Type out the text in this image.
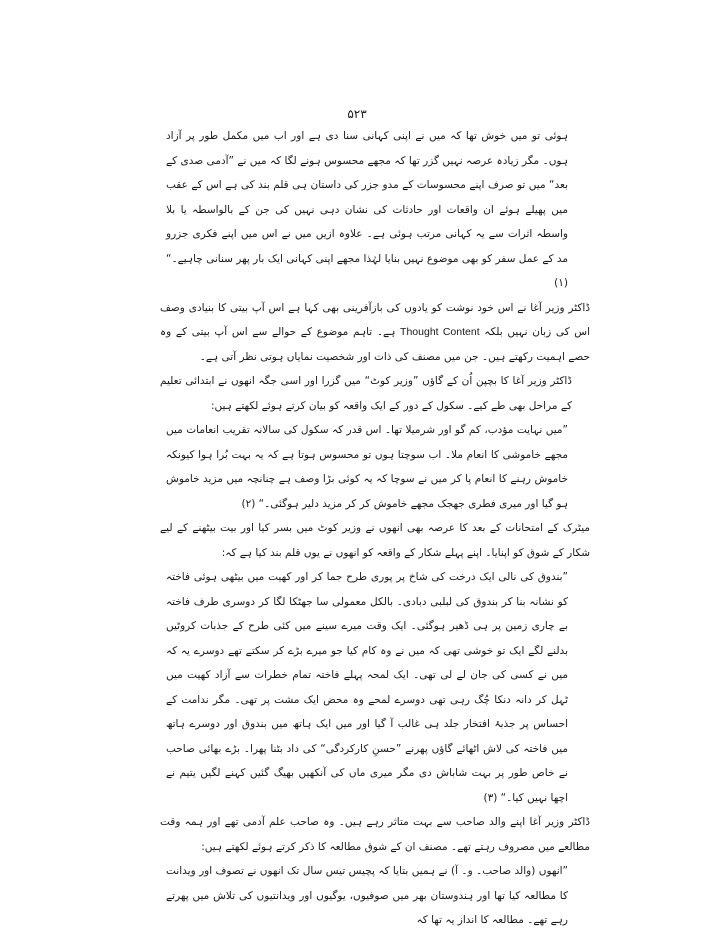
۵۲۳

ہوئی تو میں خوش تھا کہ میں نے اپنی کہانی سنا دی ہے اور اب میں مکمل طور پر آزاد ہوں۔ مگر زیادہ عرصہ نہیں گزر تھا کہ مجھے محسوس ہونے لگا کہ میں نے ”آدمی صدی کے بعد“ میں تو صرف اپنے محسوسات کے مدو جزر کی داستان ہی قلم بند کی ہے اس کے عقب میں پھیلے ہوئے ان واقعات اور حادثات کی نشان دہی نہیں کی جن کے بالواسطہ یا بلا واسطہ اثرات سے یہ کہانی مرتب ہوئی ہے۔ علاوہ ازیں میں نے اس میں اپنے فکری جزرو مد کے عمل سفر کو بھی موضوع نہیں بنایا لہٰذا مجھے اپنی کہانی ایک بار پھر سنانی چاہیے۔“ (۱)

ڈاکٹر وزیر آغا نے اس خود نوشت کو یادوں کی بازآفرینی بھی کہا ہے اس آپ بیتی کا بنیادی وصف اس کی زبان نہیں بلکہ Thought Content ہے۔ تاہم موضوع کے حوالے سے اس آپ بیتی کے وہ حصے اہمیت رکھتے ہیں۔ جن میں مصنف کی ذات اور شخصیت نمایاں ہوتی نظر آتی ہے۔

ڈاکٹر وزیر آغا کا بچپن اُن کے گاؤں ”وزیر کوٹ“ میں گزرا اور اسی جگہ انھوں نے ابتدائی تعلیم کے مراحل بھی طے کیے۔ سکول کے دور کے ایک واقعہ کو بیان کرتے ہوئے لکھتے ہیں:

”میں نہایت مؤدب، کم گو اور شرمیلا تھا۔ اس قدر کہ سکول کی سالانہ تقریب انعامات میں مجھے خاموشی کا انعام ملا۔ اب سوچتا ہوں تو محسوس ہوتا ہے کہ یہ بہت بُرا ہوا کیونکہ خاموش رہنے کا انعام پا کر میں نے سوچا کہ یہ کوئی بڑا وصف ہے چنانچہ میں مزید خاموش ہو گیا اور میری فطری جھجک مجھے خاموش کر کر مزید دلیر ہوگئی۔“ (۲)

میٹرک کے امتحانات کے بعد کا عرصہ بھی انھوں نے وزیر کوٹ میں بسر کیا اور بیت بیٹھنے کے لیے شکار کے شوق کو اپنایا۔ اپنے پہلے شکار کے واقعہ کو انھوں نے یوں قلم بند کیا ہے کہ:

”بندوق کی نالی ایک درخت کی شاخ پر پوری طرح جما کر اور کھیت میں بیٹھی ہوئی فاختہ کو نشانہ بنا کر بندوق کی لبلبی دبادی۔ بالکل معمولی سا جھٹکا لگا کر دوسری طرف فاختہ بے چاری زمین پر ہی ڈھیر ہوگئی۔ ایک وقت میرے سینے میں کئی طرح کے جذبات کروٹیں بدلنے لگے ایک تو خوشی تھی کہ میں نے وہ کام کیا جو میرے بڑے کر سکتے تھے دوسرے یہ کہ میں نے کسی کی جان لے لی تھی۔ ایک لمحہ پہلے فاختہ تمام خطرات سے آزاد کھیت میں ٹہل کر دانہ دنکا چُگ رہی تھی دوسرے لمحے وہ محض ایک مشت پر تھی۔ مگر ندامت کے احساس پر جذبۂ افتخار جلد ہی غالب آ گیا اور میں ایک ہاتھ میں بندوق اور دوسرے ہاتھ میں فاختہ کی لاش اٹھائے گاؤں پھرنے ”حسنِ کارکردگی“ کی داد بٹنا پھرا۔ بڑے بھائی صاحب نے خاص طور پر بہت شاباش دی مگر میری ماں کی آنکھیں بھیگ گئیں کہنے لگیں یتیم نے اچھا نہیں کیا۔“ (۳)

ڈاکٹر وزیر آغا اپنے والد صاحب سے بہت متاثر رہے ہیں۔ وہ صاحب علم آدمی تھے اور ہمہ وقت مطالعے میں مصروف رہتے تھے۔ مصنف ان کے شوق مطالعہ کا ذکر کرتے ہوئے لکھتے ہیں:

”انھوں (والد صاحب۔ و۔ آ) نے ہمیں بتایا کہ پچیس تیس سال تک انھوں نے تصوف اور ویدانت کا مطالعہ کیا تھا اور ہندوستان بھر میں صوفیوں، یوگیوں اور ویدانتیوں کی تلاش میں پھرتے رہے تھے۔ مطالعہ کا انداز یہ تھا کہ
